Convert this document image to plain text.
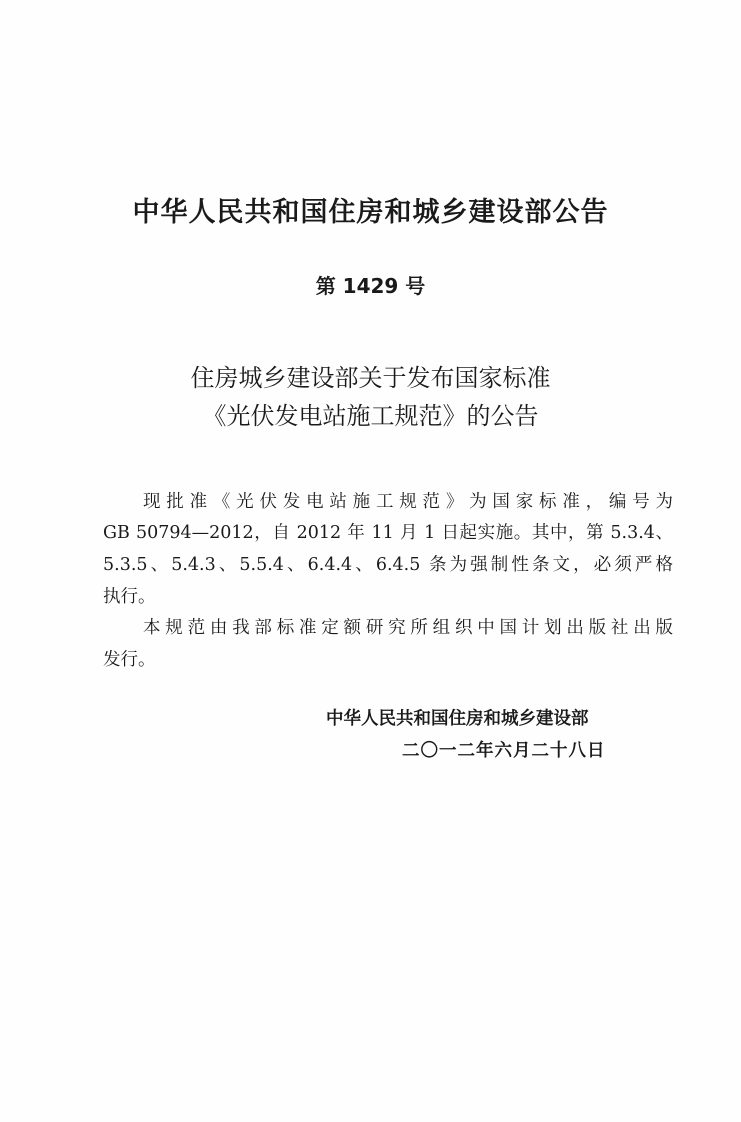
中华人民共和国住房和城乡建设部公告
第 1429 号
住房城乡建设部关于发布国家标准
《光伏发电站施工规范》的公告
现批准《光伏发电站施工规范》为国家标准，编号为
GB 50794—2012，自 2012 年 11 月 1 日起实施。其中，第 5.3.4、
5.3.5、5.4.3、5.5.4、6.4.4、6.4.5 条为强制性条文，必须严格
执行。
本规范由我部标准定额研究所组织中国计划出版社出版
发行。
中华人民共和国住房和城乡建设部
二〇一二年六月二十八日
